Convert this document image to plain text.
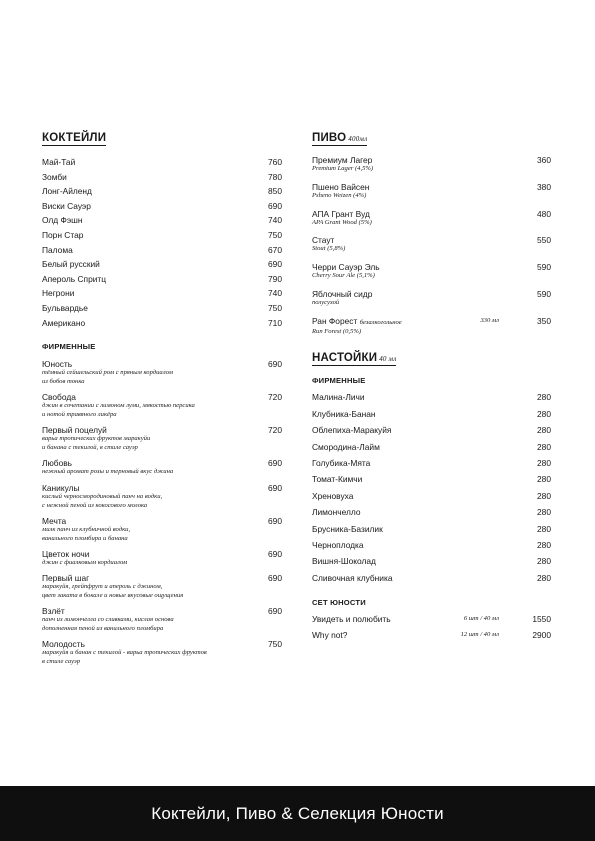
КОКТЕЙЛИ
Май-Тай	760
Зомби	780
Лонг-Айленд	850
Виски Сауэр	690
Олд Фэшн	740
Порн Стар	750
Палома	670
Белый русский	690
Апероль Спритц	790
Негрони	740
Бульвардье	750
Американо	710
ФИРМЕННЫЕ
Юность	690
тёмный сейшельский ром с пряным кордиалом
из бобов тонка
Свобода	720
джин в сочетании с лимоном луми, мякостью персика
и нотой травяного ликёра
Первый поцелуй	720
варьа тропических фруктов маракуйи
и банана с текилой, в стиле сауэр
Любовь	690
нежный аромат розы и терновый вкус джина
Каникулы	690
кислый черносмородиновый панч на водки,
с нежной пеной из кокосового молока
Мечта	690
милк панч из клубничной водки,
ванильного пломбира и банана
Цветок ночи	690
джин с фиалковым кордиалом
Первый шаг	690
маракуйя, грейпфрут и апероль с джином,
цвет заката в бокале и новые вкусовые ощущения
Взлёт	690
панч из лимончелла со сливками, кислая основа
дополненная пеной из ванильного пломбира
Молодость	750
маракуйя и банан с текилой - варьа тропических фруктов
в стиле сауэр
ПИВО 400мл
Премиум Лагер	360
Premium Lager (4,5%)
Пшено Вайсен	380
Psheno Weizen (4%)
АПА Грант Вуд	480
APA Grant Wood (5%)
Стаут	550
Stout (5,8%)
Черри Сауэр Эль	590
Cherry Sour Ale (5,1%)
Яблочный сидр	590
полусухой
Ран Форест безалкогольное	330 мл	350
Run Forest (0,5%)
НАСТОЙКИ 40 мл
ФИРМЕННЫЕ
Малина-Личи	280
Клубника-Банан	280
Облепиха-Маракуйя	280
Смородина-Лайм	280
Голубика-Мята	280
Томат-Кимчи	280
Хреновуха	280
Лимончелло	280
Брусника-Базилик	280
Черноплодка	280
Вишня-Шоколад	280
Сливочная клубника	280
СЕТ ЮНОСТИ
Увидеть и полюбить	6 шт / 40 мл	1550
Why not?	12 шт / 40 мл	2900
Коктейли, Пиво & Селекция Юности
